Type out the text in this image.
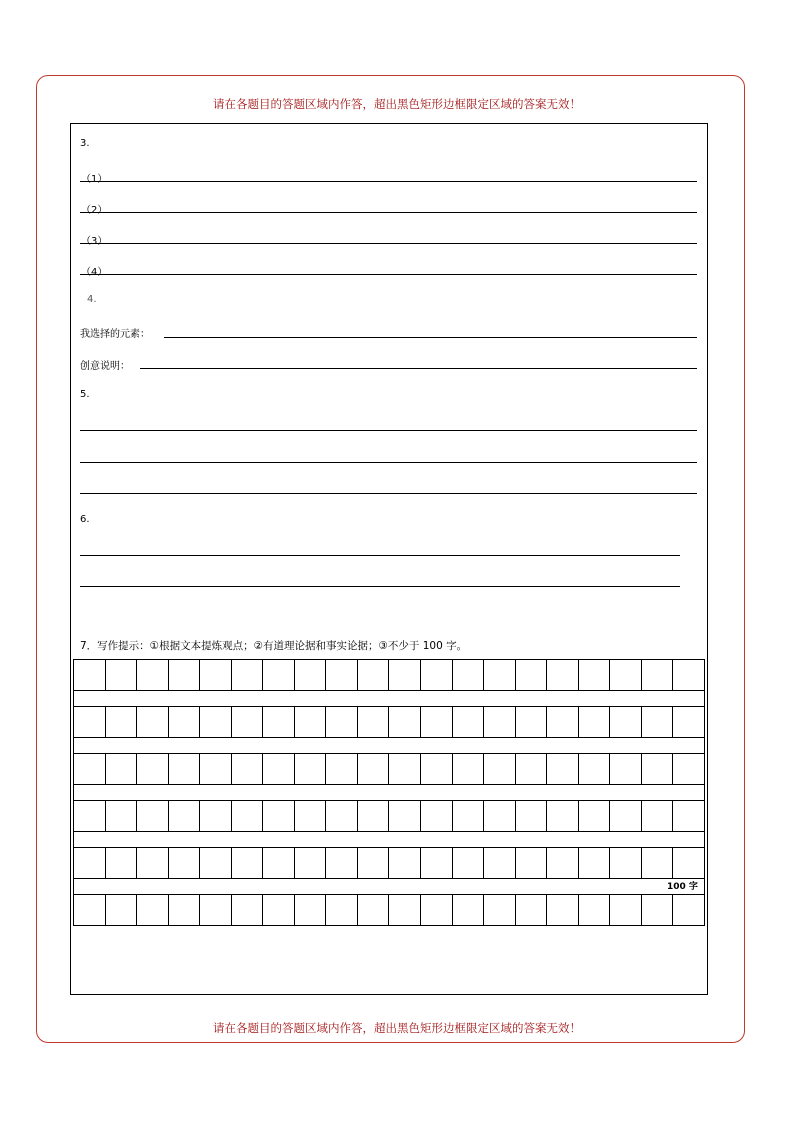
请在各题目的答题区域内作答，超出黑色矩形边框限定区域的答案无效！
3.
（1）
（2）
（3）
（4）
4.
我选择的元素：
创意说明：
5.
6.
7．写作提示：①根据文本提炼观点；②有道理论据和事实论据；③不少于 100 字。
100 字
请在各题目的答题区域内作答，超出黑色矩形边框限定区域的答案无效！
